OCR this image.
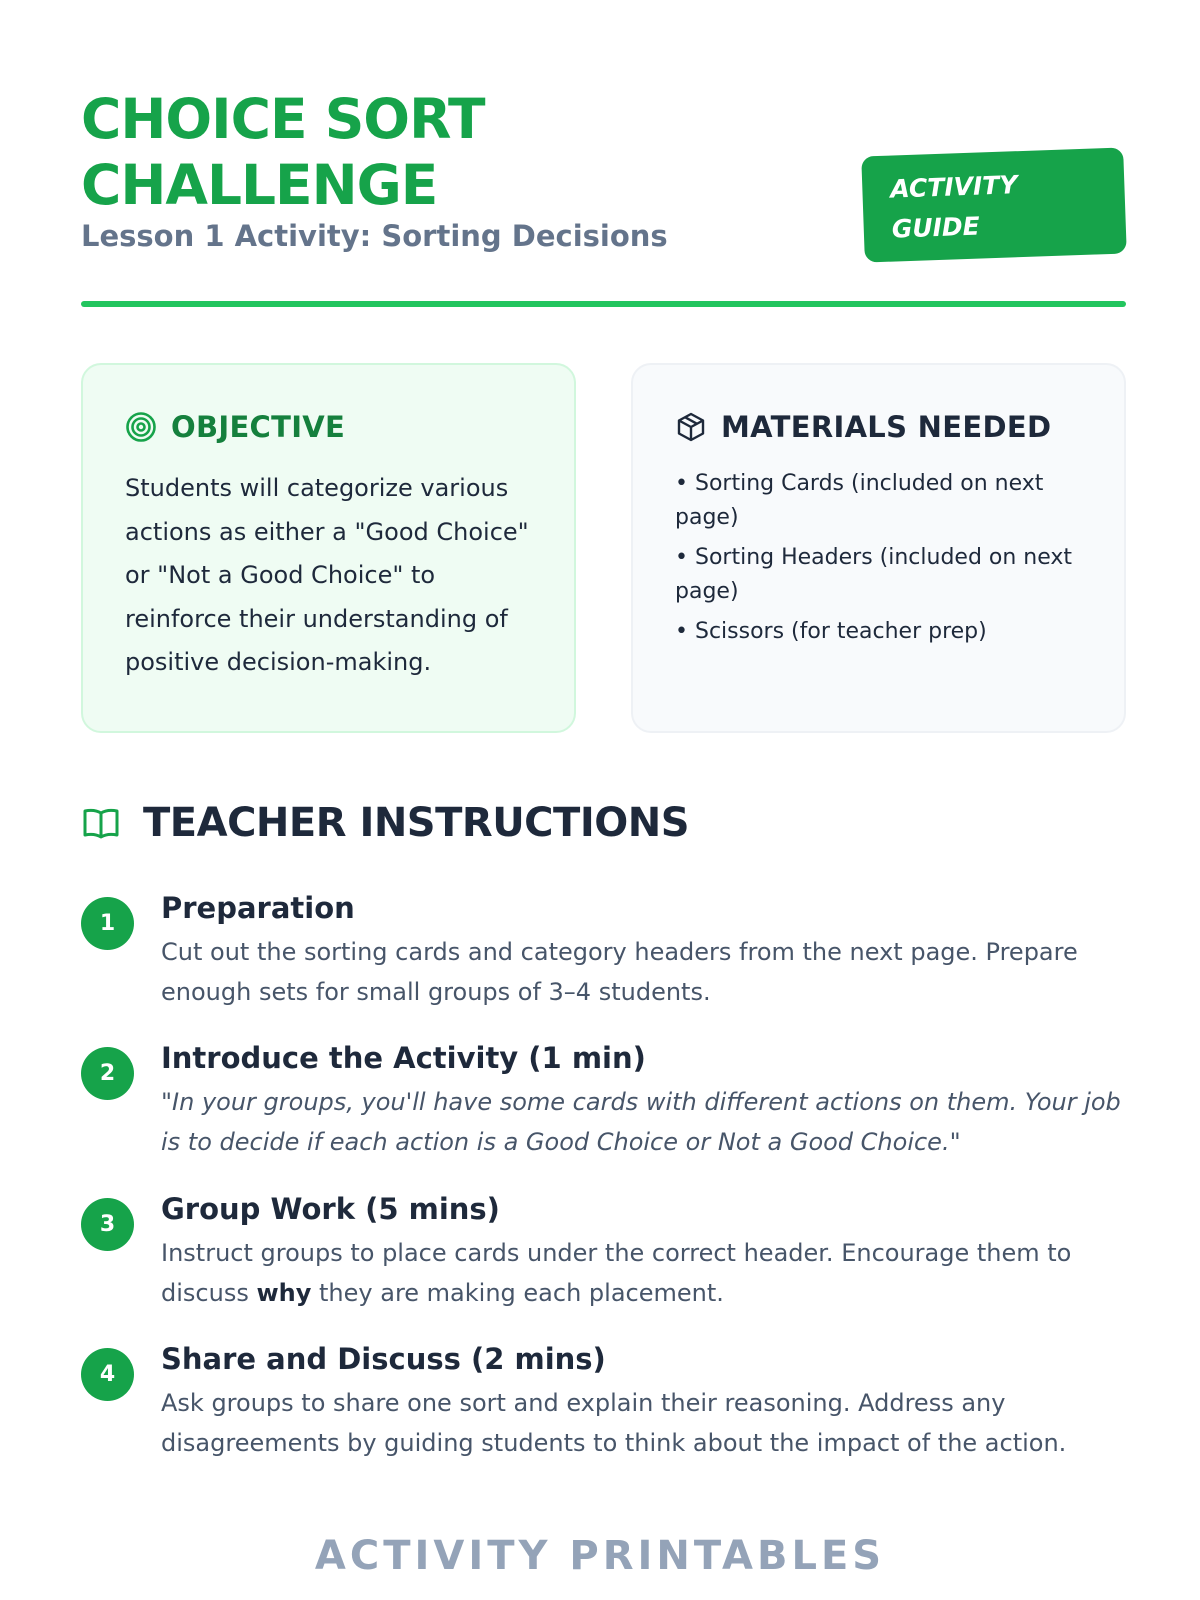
CHOICE SORT
CHALLENGE
Lesson 1 Activity: Sorting Decisions
ACTIVITY
GUIDE
OBJECTIVE

Students will categorize various actions as either a "Good Choice" or "Not a Good Choice" to reinforce their understanding of positive decision-making.

MATERIALS NEEDED
• Sorting Cards (included on next page)
• Sorting Headers (included on next page)
• Scissors (for teacher prep)
TEACHER INSTRUCTIONS
1	Preparation
Cut out the sorting cards and category headers from the next page. Prepare enough sets for small groups of 3–4 students.
2	Introduce the Activity (1 min)
"In your groups, you'll have some cards with different actions on them. Your job is to decide if each action is a Good Choice or Not a Good Choice."
3	Group Work (5 mins)
Instruct groups to place cards under the correct header. Encourage them to discuss why they are making each placement.
4	Share and Discuss (2 mins)
Ask groups to share one sort and explain their reasoning. Address any disagreements by guiding students to think about the impact of the action.
ACTIVITY PRINTABLES
